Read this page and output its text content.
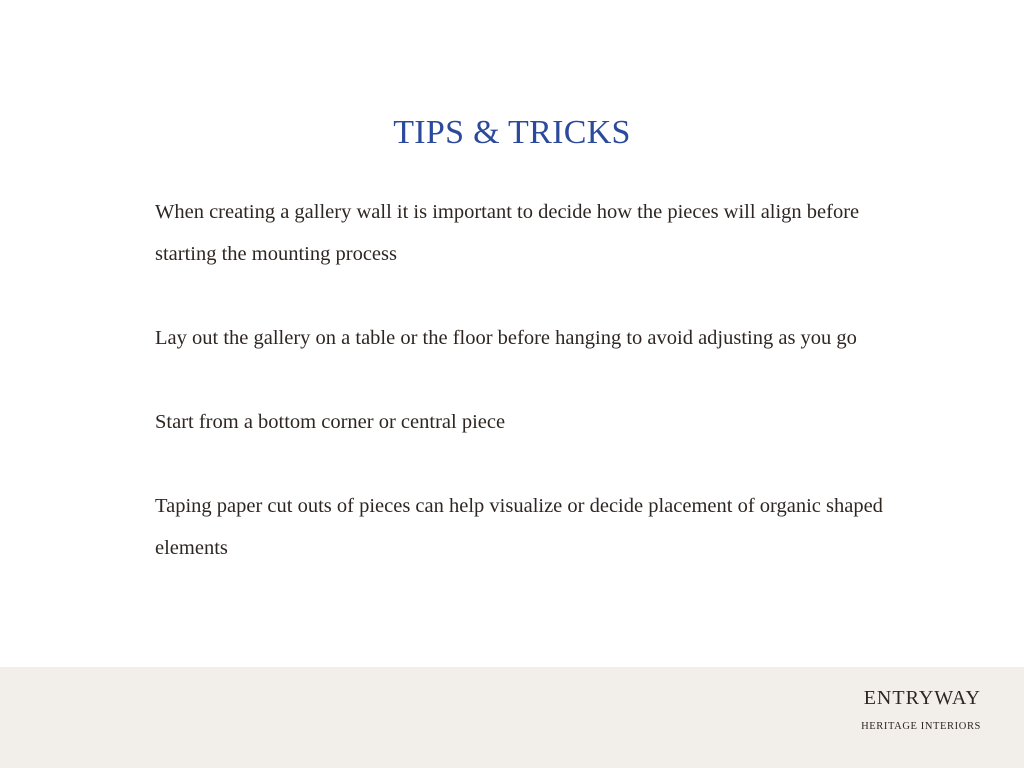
TIPS & TRICKS
When creating a gallery wall it is important to decide how the pieces will align before starting the mounting process
Lay out the gallery on a table or the floor before hanging to avoid adjusting as you go
Start from a bottom corner or central piece
Taping paper cut outs of pieces can help visualize or decide placement of organic shaped elements
ENTRYWAY
HERITAGE INTERIORS
